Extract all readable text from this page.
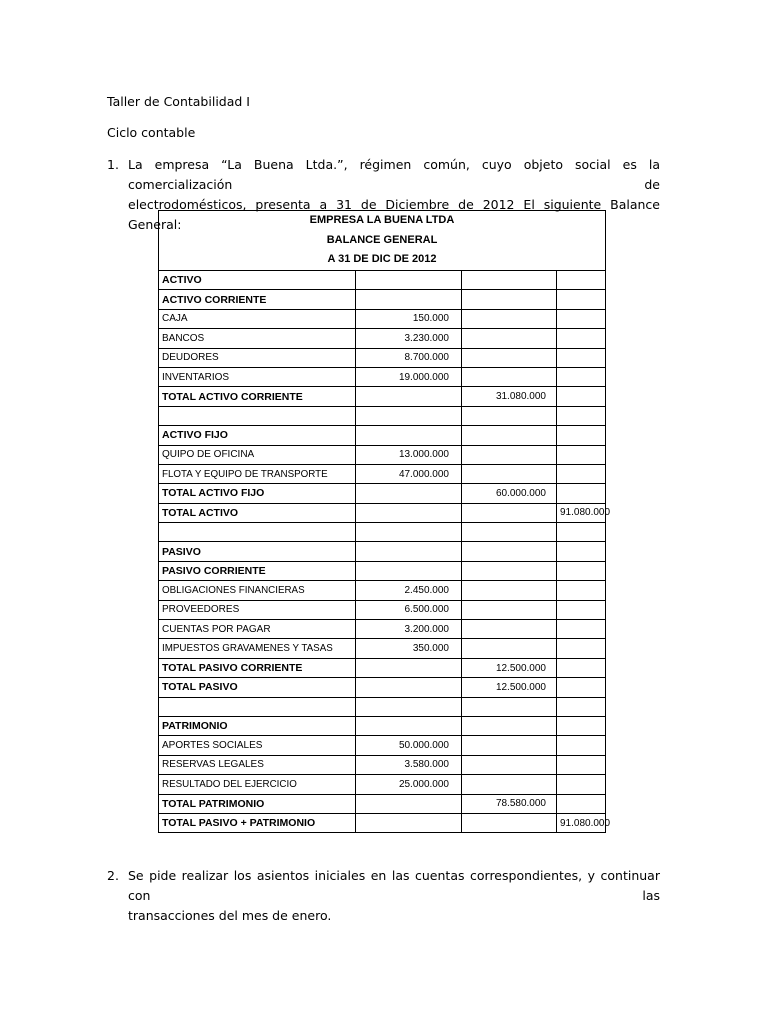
Taller de Contabilidad I
Ciclo contable
1. La empresa “La Buena Ltda.”, régimen común, cuyo objeto social es la comercialización de
electrodomésticos, presenta a 31 de Diciembre de 2012 El siguiente Balance General:	EMPRESA LA BUENA LTDA
BALANCE GENERAL
A 31 DE DIC DE 2012
ACTIVO			
ACTIVO CORRIENTE			
CAJA	150.000		
BANCOS	3.230.000		
DEUDORES	8.700.000		
INVENTARIOS	19.000.000		
TOTAL ACTIVO CORRIENTE		31.080.000	

ACTIVO FIJO			
QUIPO DE OFICINA	13.000.000		
FLOTA Y EQUIPO DE TRANSPORTE	47.000.000		
TOTAL ACTIVO FIJO		60.000.000	
TOTAL ACTIVO			91.080.000

PASIVO			
PASIVO CORRIENTE			
OBLIGACIONES FINANCIERAS	2.450.000		
PROVEEDORES	6.500.000		
CUENTAS POR PAGAR	3.200.000		
IMPUESTOS GRAVAMENES Y TASAS	350.000		
TOTAL PASIVO CORRIENTE		12.500.000	
TOTAL PASIVO		12.500.000	

PATRIMONIO			
APORTES SOCIALES	50.000.000		
RESERVAS LEGALES	3.580.000		
RESULTADO DEL EJERCICIO	25.000.000		
TOTAL PATRIMONIO		78.580.000	
TOTAL PASIVO + PATRIMONIO			91.080.000
2. Se pide realizar los asientos iniciales en las cuentas correspondientes, y continuar con las
transacciones del mes de enero.
